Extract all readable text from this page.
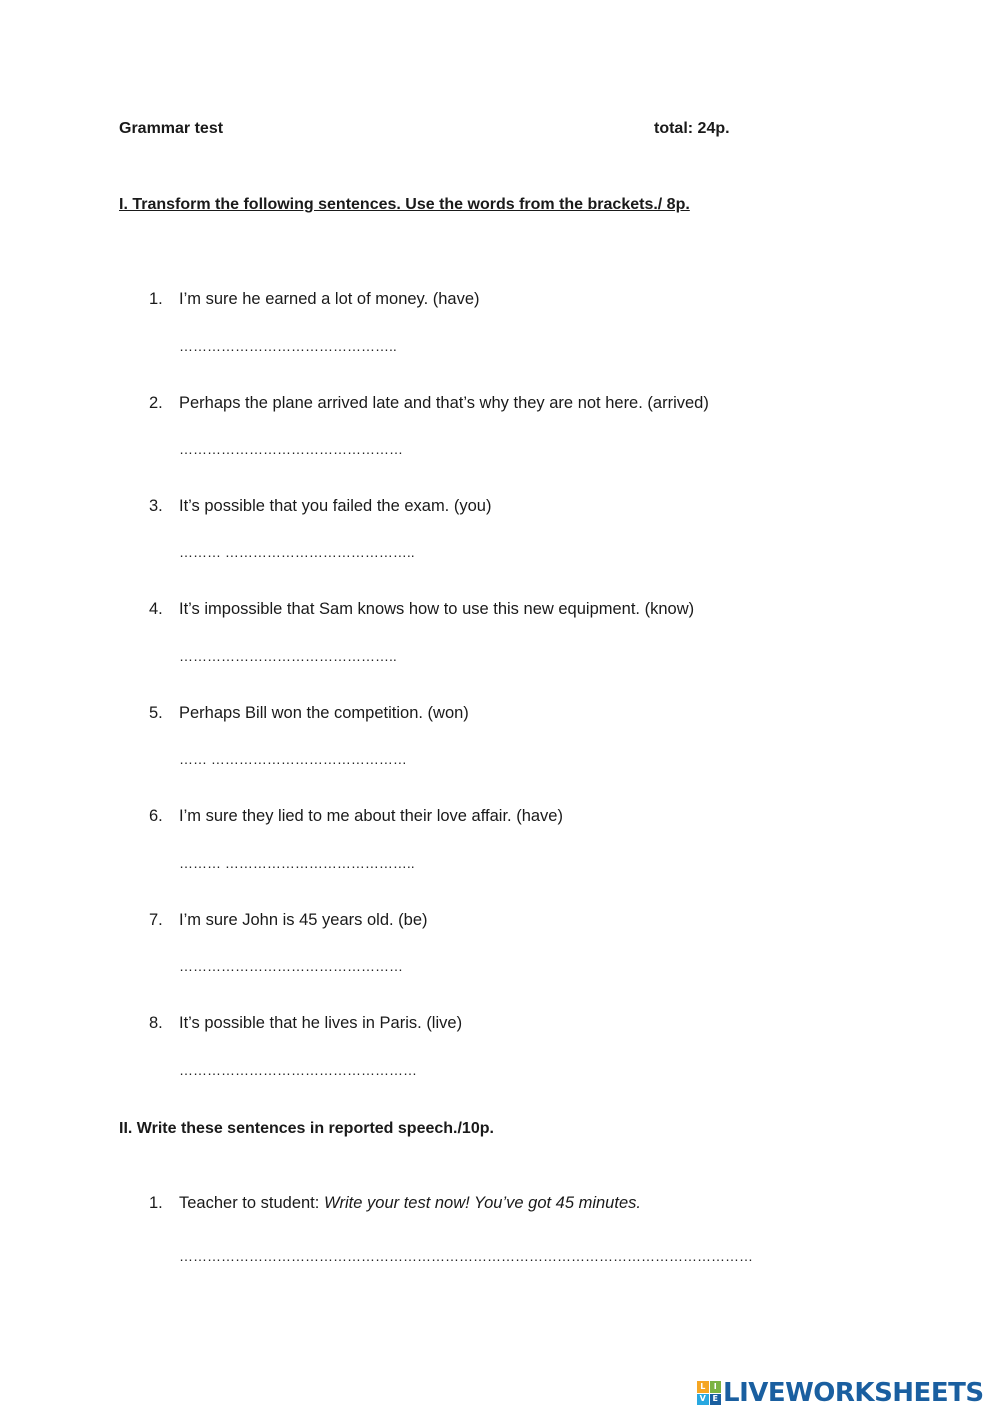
Grammar test	total: 24p.
I. Transform the following sentences. Use the words from the brackets./ 8p.
1. I’m sure he earned a lot of money. (have)
………………………………………..
2. Perhaps the plane arrived late and that’s why they are not here. (arrived)
…………………………………………
3. It’s possible that you failed the exam. (you)
……… …………………………………..
4. It’s impossible that Sam knows how to use this new equipment. (know)
………………………………………..
5. Perhaps Bill won the competition. (won)
…… ……………………………………
6. I’m sure they lied to me about their love affair. (have)
……… …………………………………..
7. I’m sure John is 45 years old. (be)
…………………………………………
8. It’s possible that he lives in Paris. (live)
……………………………………………
II. Write these sentences in reported speech./10p.
1. Teacher to student: Write your test now! You’ve got 45 minutes.
……………………………………………………………………………………………………………
L	I
V E LIVEWORKSHEETS
